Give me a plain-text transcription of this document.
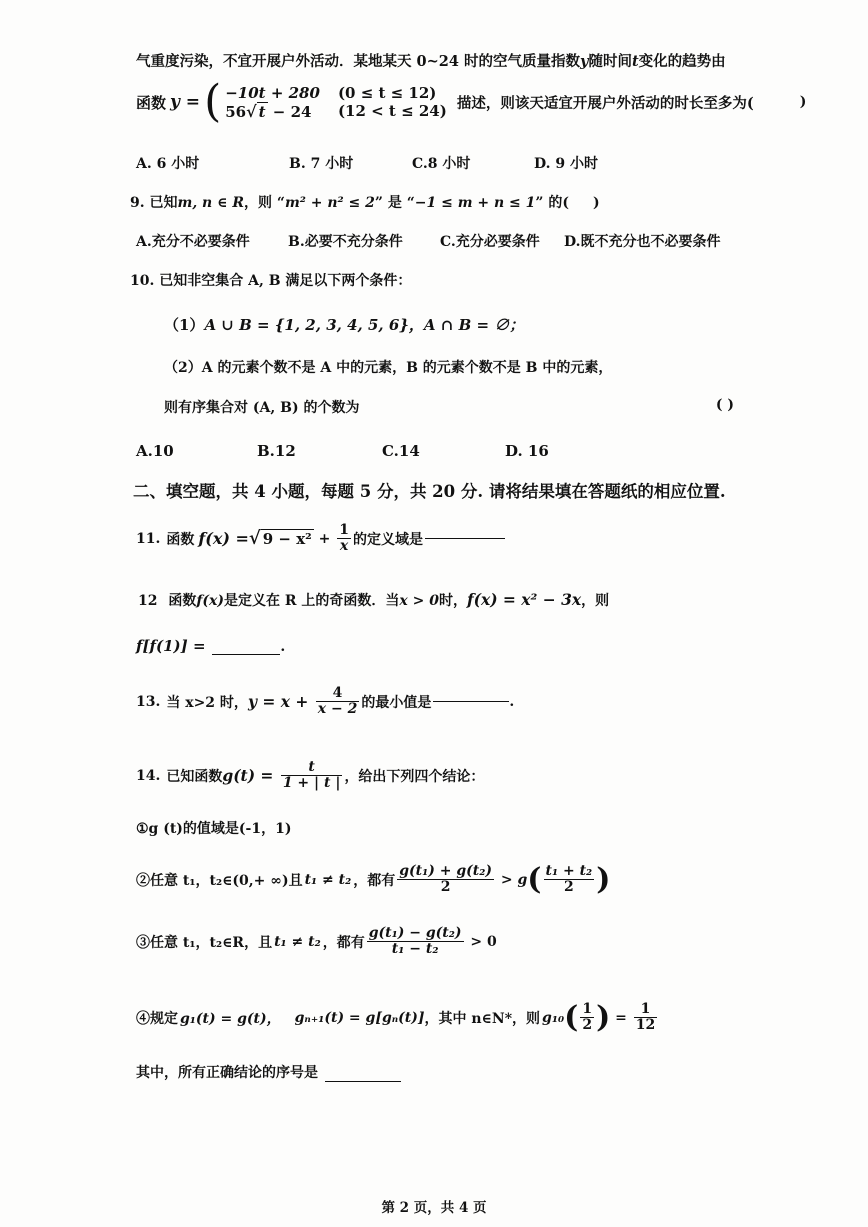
气重度污染，不宜开展户外活动．某地某天 0~24 时的空气质量指数y随时间t变化的趋势由
函数 y = ( −10t + 280	(0 ≤ t ≤ 12)
56√ t − 24	(12 < t ≤ 24) 描述，则该天适宜开展户外活动的时长至多为(	)
A. 6 小时	B. 7 小时	C.8 小时	D. 9 小时
9. 已知m, n ∈ R，则 “m² + n² ≤ 2” 是 “−1 ≤ m + n ≤ 1” 的( )
A.充分不必要条件	B.必要不充分条件	C.充分必要条件 D.既不充分也不必要条件
10. 已知非空集合 A, B 满足以下两个条件：
（1）A ∪ B = {1, 2, 3, 4, 5, 6}，A ∩ B = ∅；
（2）A 的元素个数不是 A 中的元素，B 的元素个数不是 B 中的元素，
则有序集合对 (A, B) 的个数为	( )
A.10	B.12	C.14	D. 16
二、填空题，共 4 小题，每题 5 分，共 20 分. 请将结果填在答题纸的相应位置.
11. 函数 f(x) = √ $9 - x^2 + \frac{1}{x}$ 的定义域是
12 函数f(x)是定义在 R 上的奇函数．当x > 0时，f(x) = x² − 3x，则
f[f(1)] =	.
13. 当 x>2 时， $y = x + \frac{4}{x - 2}$ 的最小值是	.
14. 已知函数 $g(t) = \frac{t}{1 + | t |}$ ，给出下列四个结论：
①g (t)的值域是(-1，1)
②任意 t₁，t₂∈(0,+ ∞)且 t₁ ≠ t₂ ，都有 $\frac{\text{g(t₁) + g(t₂)}}{2} > g$ ( $\frac{\text{t₁ + t₂}}{2}$ )
③任意 t₁，t₂∈R，且 t₁ ≠ t₂ ，都有 $\frac{\text{g(t₁) − g(t₂)}}{\text{t₁ − t₂}} > 0$
④规定 g₁(t) = g(t)， gₙ₊₁(t) = g[gₙ(t)] ，其中 n∈N*，则 g₁₀ ( $\frac{1}{2}$ ) = $\frac{1}{12}$
其中，所有正确结论的序号是
第 2 页，共 4 页
